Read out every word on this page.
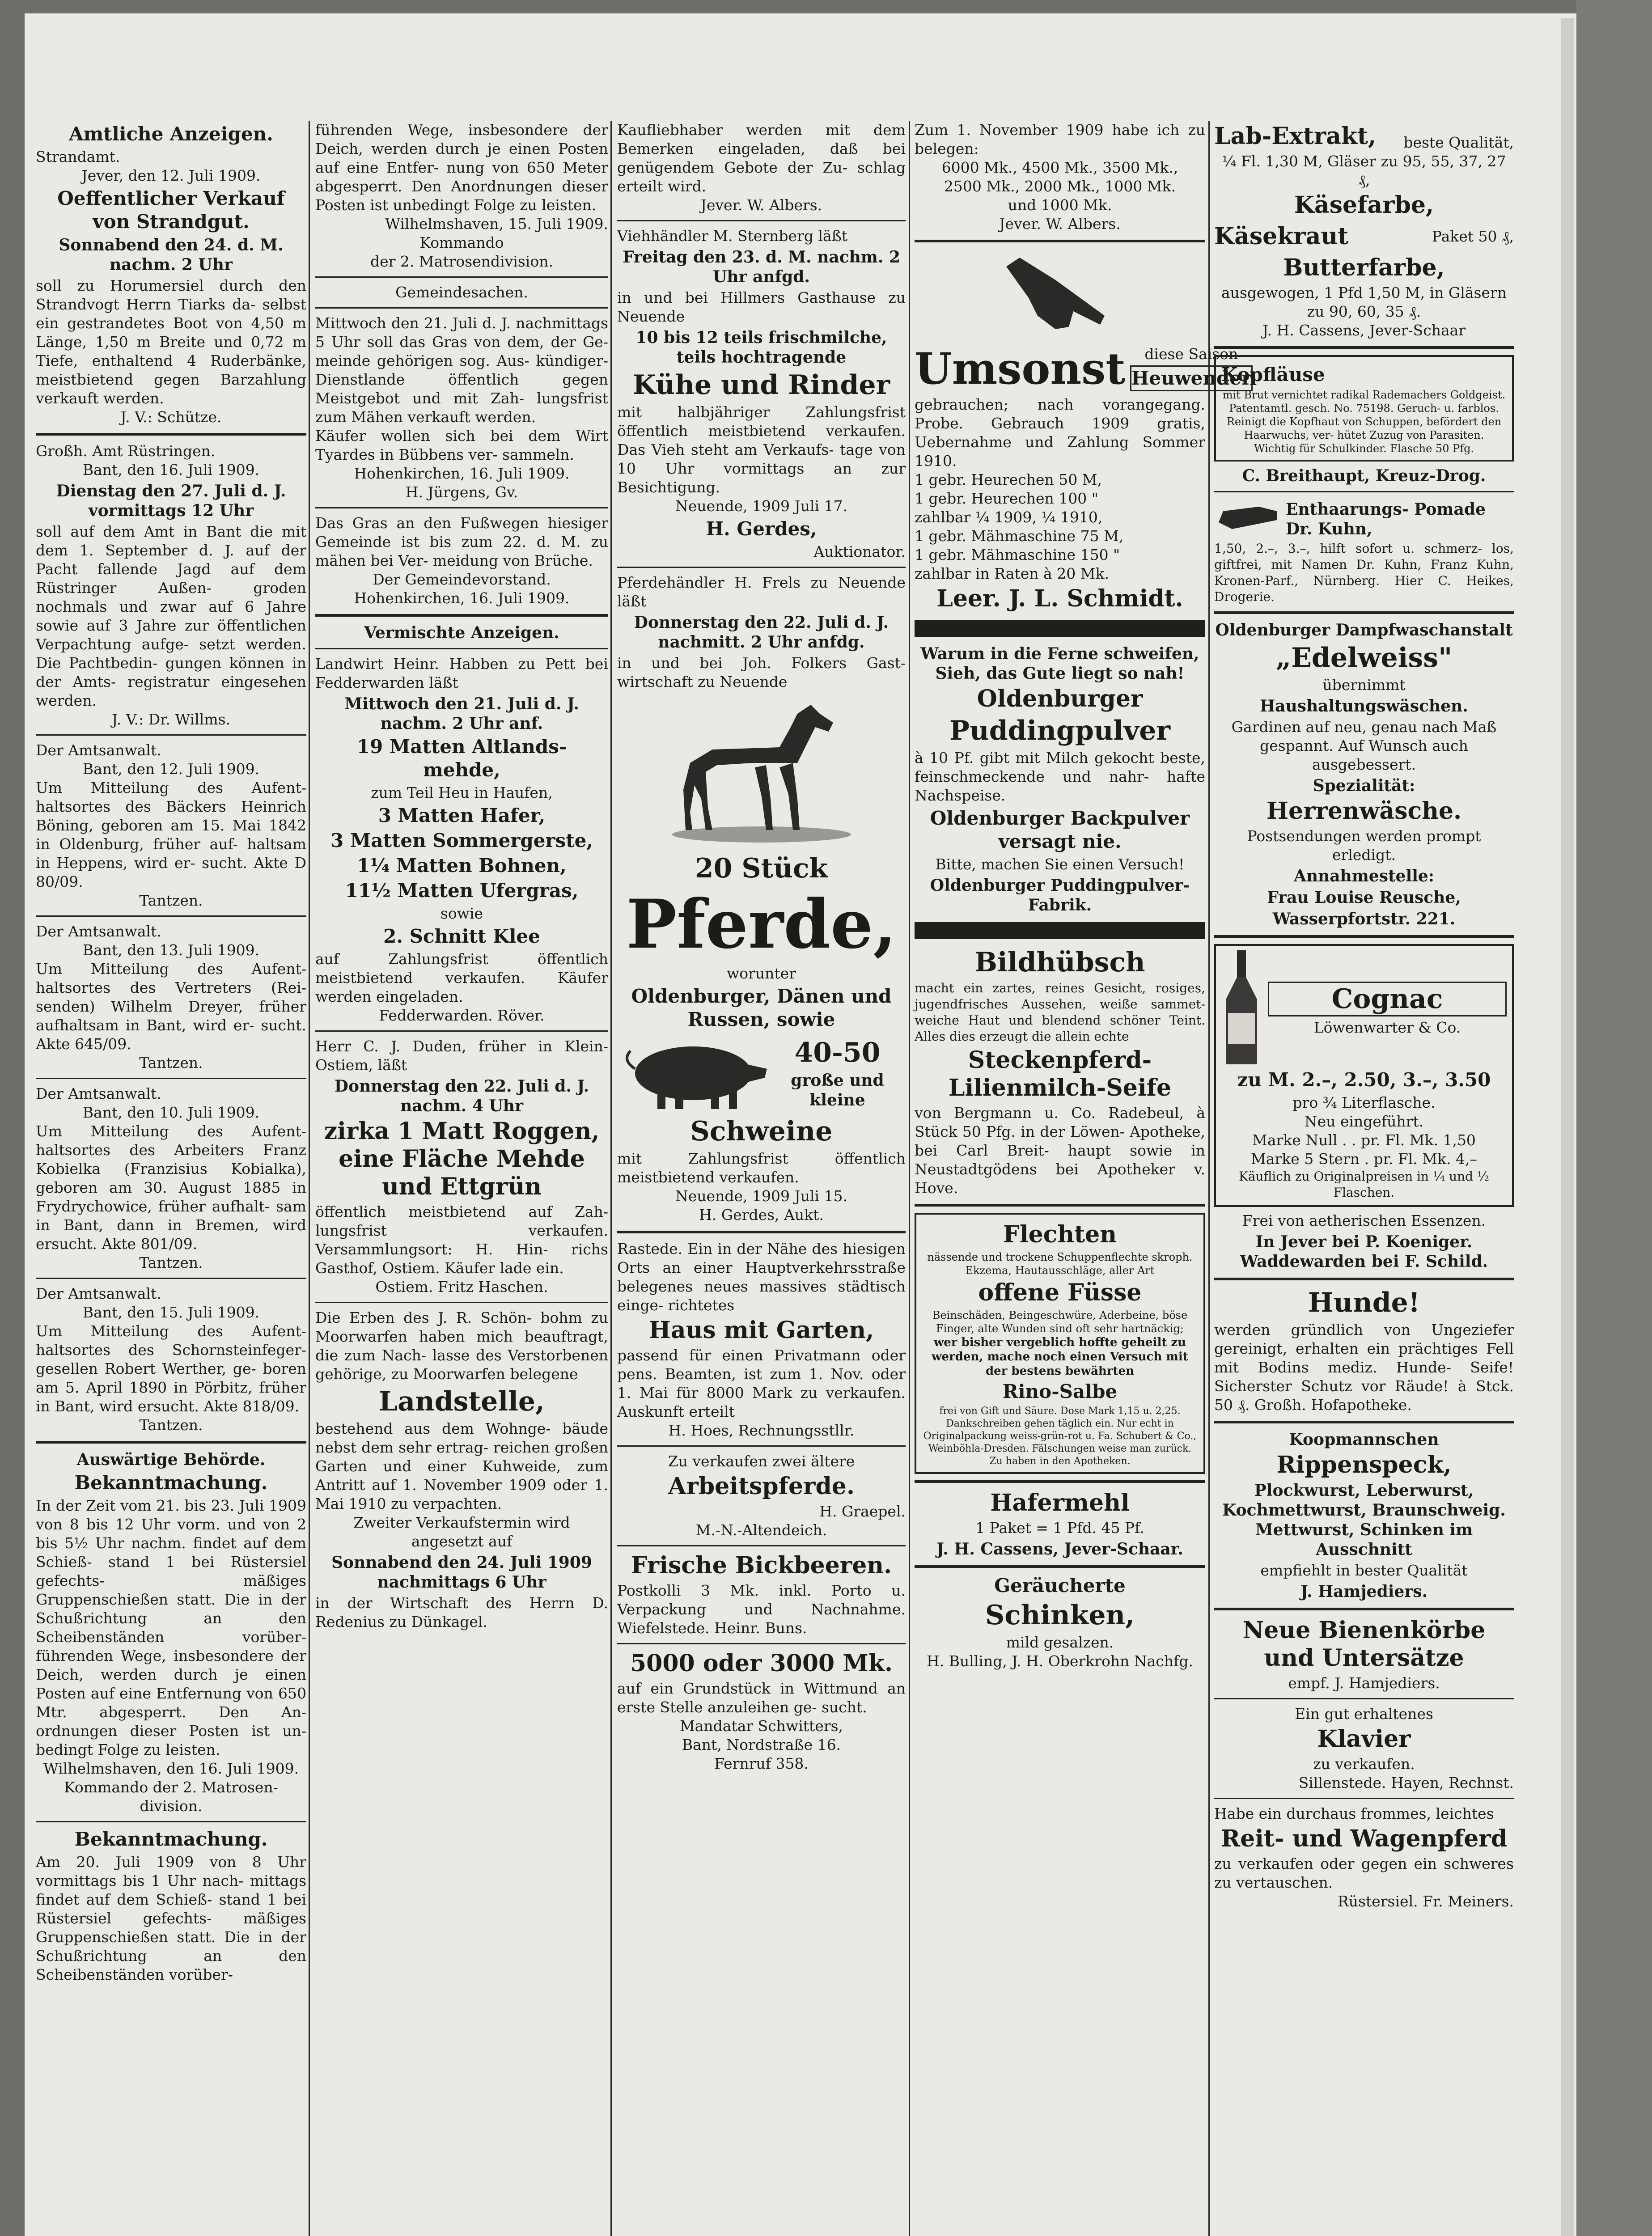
Amtliche Anzeigen.

Strandamt.

Jever, den 12. Juli 1909.

Oeffentlicher Verkauf von Strandgut.
Sonnabend den 24. d. M. nachm. 2 Uhr

soll zu Horumersiel durch den Strandvogt Herrn Tiarks da- selbst ein gestrandetes Boot von 4,50 m Länge, 1,50 m Breite und 0,72 m Tiefe, enthaltend 4 Ruderbänke, meistbietend gegen Barzahlung verkauft werden.

J. V.: Schütze.

Großh. Amt Rüstringen.

Bant, den 16. Juli 1909.

Dienstag den 27. Juli d. J. vormittags 12 Uhr

soll auf dem Amt in Bant die mit dem 1. September d. J. auf der Pacht fallende Jagd auf dem Rüstringer Außen- groden nochmals und zwar auf 6 Jahre sowie auf 3 Jahre zur öffentlichen Verpachtung aufge- setzt werden. Die Pachtbedin- gungen können in der Amts- registratur eingesehen werden.

J. V.: Dr. Willms.

Der Amtsanwalt.

Bant, den 12. Juli 1909.

Um Mitteilung des Aufent- haltsortes des Bäckers Heinrich Böning, geboren am 15. Mai 1842 in Oldenburg, früher auf- haltsam in Heppens, wird er- sucht. Akte D 80/09.

Tantzen.

Der Amtsanwalt.

Bant, den 13. Juli 1909.

Um Mitteilung des Aufent- haltsortes des Vertreters (Rei- senden) Wilhelm Dreyer, früher aufhaltsam in Bant, wird er- sucht. Akte 645/09.

Tantzen.

Der Amtsanwalt.

Bant, den 10. Juli 1909.

Um Mitteilung des Aufent- haltsortes des Arbeiters Franz Kobielka (Franzisius Kobialka), geboren am 30. August 1885 in Frydrychowice, früher aufhalt- sam in Bant, dann in Bremen, wird ersucht. Akte 801/09.

Tantzen.

Der Amtsanwalt.

Bant, den 15. Juli 1909.

Um Mitteilung des Aufent- haltsortes des Schornsteinfeger- gesellen Robert Werther, ge- boren am 5. April 1890 in Pörbitz, früher in Bant, wird ersucht. Akte 818/09.

Tantzen.

Auswärtige Behörde.
Bekanntmachung.

In der Zeit vom 21. bis 23. Juli 1909 von 8 bis 12 Uhr vorm. und von 2 bis 5½ Uhr nachm. findet auf dem Schieß- stand 1 bei Rüstersiel gefechts- mäßiges Gruppenschießen statt. Die in der Schußrichtung an den Scheibenständen vorüber- führenden Wege, insbesondere der Deich, werden durch je einen Posten auf eine Entfernung von 650 Mtr. abgesperrt. Den An- ordnungen dieser Posten ist un- bedingt Folge zu leisten.

Wilhelmshaven, den 16. Juli 1909.

Kommando der 2. Matrosen- division.

Bekanntmachung.

Am 20. Juli 1909 von 8 Uhr vormittags bis 1 Uhr nach- mittags findet auf dem Schieß- stand 1 bei Rüstersiel gefechts- mäßiges Gruppenschießen statt. Die in der Schußrichtung an den Scheibenständen vorüber-

führenden Wege, insbesondere der Deich, werden durch je einen Posten auf eine Entfer- nung von 650 Meter abgesperrt. Den Anordnungen dieser Posten ist unbedingt Folge zu leisten.

Wilhelmshaven, 15. Juli 1909.

Kommando

der 2. Matrosendivision.

Gemeindesachen.

Mittwoch den 21. Juli d. J. nachmittags 5 Uhr soll das Gras von dem, der Ge- meinde gehörigen sog. Aus- kündiger-Dienstlande öffentlich gegen Meistgebot und mit Zah- lungsfrist zum Mähen verkauft werden.

Käufer wollen sich bei dem Wirt Tyardes in Bübbens ver- sammeln.

Hohenkirchen, 16. Juli 1909.

H. Jürgens, Gv.

Das Gras an den Fußwegen hiesiger Gemeinde ist bis zum 22. d. M. zu mähen bei Ver- meidung von Brüche.

Der Gemeindevorstand.

Hohenkirchen, 16. Juli 1909.

Vermischte Anzeigen.

Landwirt Heinr. Habben zu Pett bei Fedderwarden läßt

Mittwoch den 21. Juli d. J. nachm. 2 Uhr anf.
19 Matten Altlands- mehde,

zum Teil Heu in Haufen,

3 Matten Hafer,
3 Matten Sommergerste,
1¼ Matten Bohnen,
11½ Matten Ufergras,

sowie

2. Schnitt Klee

auf Zahlungsfrist öffentlich meistbietend verkaufen. Käufer werden eingeladen.

Fedderwarden. Röver.

Herr C. J. Duden, früher in Klein-Ostiem, läßt

Donnerstag den 22. Juli d. J. nachm. 4 Uhr
zirka 1 Matt Roggen, eine Fläche Mehde und Ettgrün

öffentlich meistbietend auf Zah- lungsfrist verkaufen. Versammlungsort: H. Hin- richs Gasthof, Ostiem. Käufer lade ein.

Ostiem. Fritz Haschen.

Die Erben des J. R. Schön- bohm zu Moorwarfen haben mich beauftragt, die zum Nach- lasse des Verstorbenen gehörige, zu Moorwarfen belegene

Landstelle,

bestehend aus dem Wohnge- bäude nebst dem sehr ertrag- reichen großen Garten und einer Kuhweide, zum Antritt auf 1. November 1909 oder 1. Mai 1910 zu verpachten.

Zweiter Verkaufstermin wird angesetzt auf

Sonnabend den 24. Juli 1909 nachmittags 6 Uhr

in der Wirtschaft des Herrn D. Redenius zu Dünkagel.

Kaufliebhaber werden mit dem Bemerken eingeladen, daß bei genügendem Gebote der Zu- schlag erteilt wird.

Jever. W. Albers.

Viehhändler M. Sternberg läßt

Freitag den 23. d. M. nachm. 2 Uhr anfgd.

in und bei Hillmers Gasthause zu Neuende

10 bis 12 teils frischmilche, teils hochtragende
Kühe und Rinder

mit halbjähriger Zahlungsfrist öffentlich meistbietend verkaufen. Das Vieh steht am Verkaufs- tage von 10 Uhr vormittags an zur Besichtigung.

Neuende, 1909 Juli 17.

H. Gerdes,

Auktionator.

Pferdehändler H. Frels zu Neuende läßt

Donnerstag den 22. Juli d. J. nachmitt. 2 Uhr anfdg.

in und bei Joh. Folkers Gast- wirtschaft zu Neuende

20 Stück
Pferde,

worunter

Oldenburger, Dänen und Russen, sowie
40-50
große und kleine
Schweine

mit Zahlungsfrist öffentlich meistbietend verkaufen.

Neuende, 1909 Juli 15.

H. Gerdes, Aukt.

Rastede. Ein in der Nähe des hiesigen Orts an einer Hauptverkehrsstraße belegenes neues massives städtisch einge- richtetes

Haus mit Garten,

passend für einen Privatmann oder pens. Beamten, ist zum 1. Nov. oder 1. Mai für 8000 Mark zu verkaufen. Auskunft erteilt

H. Hoes, Rechnungsstllr.

Zu verkaufen zwei ältere

Arbeitspferde.

H. Graepel.

M.-N.-Altendeich.

Frische Bickbeeren.

Postkolli 3 Mk. inkl. Porto u. Verpackung und Nachnahme. Wiefelstede. Heinr. Buns.

5000 oder 3000 Mk.

auf ein Grundstück in Wittmund an erste Stelle anzuleihen ge- sucht.

Mandatar Schwitters,

Bant, Nordstraße 16.

Fernruf 358.

Zum 1. November 1909 habe ich zu belegen:

6000 Mk., 4500 Mk., 3500 Mk.,

2500 Mk., 2000 Mk., 1000 Mk.

und 1000 Mk.

Jever. W. Albers.

Umsonst	diese Saison

Heuwender

gebrauchen; nach vorangegang. Probe. Gebrauch 1909 gratis, Uebernahme und Zahlung Sommer 1910.

1 gebr. Heurechen 50 M,

1 gebr. Heurechen 100 "

zahlbar ¼ 1909, ¼ 1910,

1 gebr. Mähmaschine 75 M,

1 gebr. Mähmaschine 150 "

zahlbar in Raten à 20 Mk.

Leer. J. L. Schmidt.
Warum in die Ferne schweifen, Sieh, das Gute liegt so nah!
Oldenburger
Puddingpulver

à 10 Pf. gibt mit Milch gekocht beste, feinschmeckende und nahr- hafte Nachspeise.

Oldenburger Backpulver versagt nie.

Bitte, machen Sie einen Versuch!

Oldenburger Puddingpulver-Fabrik.
Bildhübsch

macht ein zartes, reines Gesicht, rosiges, jugendfrisches Aussehen, weiße sammet- weiche Haut und blendend schöner Teint. Alles dies erzeugt die allein echte

Steckenpferd- Lilienmilch-Seife

von Bergmann u. Co. Radebeul, à Stück 50 Pfg. in der Löwen- Apotheke, bei Carl Breit- haupt sowie in Neustadtgödens bei Apotheker v. Hove.

Flechten

nässende und trockene Schuppenflechte skroph. Ekzema, Hautausschläge, aller Art

offene Füsse

Beinschäden, Beingeschwüre, Aderbeine, böse Finger, alte Wunden sind oft sehr hartnäckig;

wer bisher vergeblich hoffte geheilt zu werden, mache noch einen Versuch mit der bestens bewährten

Rino-Salbe

frei von Gift und Säure. Dose Mark 1,15 u. 2,25. Dankschreiben gehen täglich ein. Nur echt in Originalpackung weiss-grün-rot u. Fa. Schubert & Co., Weinböhla-Dresden. Fälschungen weise man zurück. Zu haben in den Apotheken.

Hafermehl

1 Paket = 1 Pfd. 45 Pf.

J. H. Cassens, Jever-Schaar.
Geräucherte
Schinken,

mild gesalzen.

H. Bulling, J. H. Oberkrohn Nachfg.

Lab-Extrakt, beste Qualität,

¼ Fl. 1,30 M, Gläser zu 95, 55, 37, 27 ₰,

Käsefarbe,
Käsekraut	Paket 50 ₰,

Butterfarbe,

ausgewogen, 1 Pfd 1,50 M, in Gläsern zu 90, 60, 35 ₰.

J. H. Cassens, Jever-Schaar

Kopfläuse

mit Brut vernichtet radikal Rademachers Goldgeist. Patentamtl. gesch. No. 75198. Geruch- u. farblos. Reinigt die Kopfhaut von Schuppen, befördert den Haarwuchs, ver- hütet Zuzug von Parasiten. Wichtig für Schulkinder. Flasche 50 Pfg.

C. Breithaupt, Kreuz-Drog.
Enthaarungs- Pomade Dr. Kuhn,

1,50, 2.–, 3.–, hilft sofort u. schmerz- los, giftfrei, mit Namen Dr. Kuhn, Franz Kuhn, Kronen-Parf., Nürnberg. Hier C. Heikes, Drogerie.

Oldenburger Dampfwaschanstalt
„Edelweiss"

übernimmt

Haushaltungswäschen.

Gardinen auf neu, genau nach Maß gespannt. Auf Wunsch auch ausgebessert.

Spezialität:
Herrenwäsche.

Postsendungen werden prompt erledigt.

Annahmestelle:
Frau Louise Reusche,
Wasserpfortstr. 221.
Cognac

Löwenwarter & Co.

zu M. 2.–, 2.50, 3.–, 3.50

pro ¾ Literflasche.

Neu eingeführt.

Marke Null . . pr. Fl. Mk. 1,50

Marke 5 Stern . pr. Fl. Mk. 4,–

Käuflich zu Originalpreisen in ¼ und ½ Flaschen.

Frei von aetherischen Essenzen.

In Jever bei P. Koeniger. Waddewarden bei F. Schild.
Hunde!

werden gründlich von Ungeziefer gereinigt, erhalten ein prächtiges Fell mit Bodins mediz. Hunde- Seife! Sicherster Schutz vor Räude! à Stck. 50 ₰. Großh. Hofapotheke.

Koopmannschen
Rippenspeck,
Plockwurst, Leberwurst, Kochmettwurst, Braunschweig. Mettwurst, Schinken im Ausschnitt

empfiehlt in bester Qualität

J. Hamjediers.
Neue Bienenkörbe und Untersätze

empf. J. Hamjediers.

Ein gut erhaltenes

Klavier

zu verkaufen.

Sillenstede. Hayen, Rechnst.

Habe ein durchaus frommes, leichtes

Reit- und Wagenpferd

zu verkaufen oder gegen ein schweres zu vertauschen.

Rüstersiel. Fr. Meiners.
